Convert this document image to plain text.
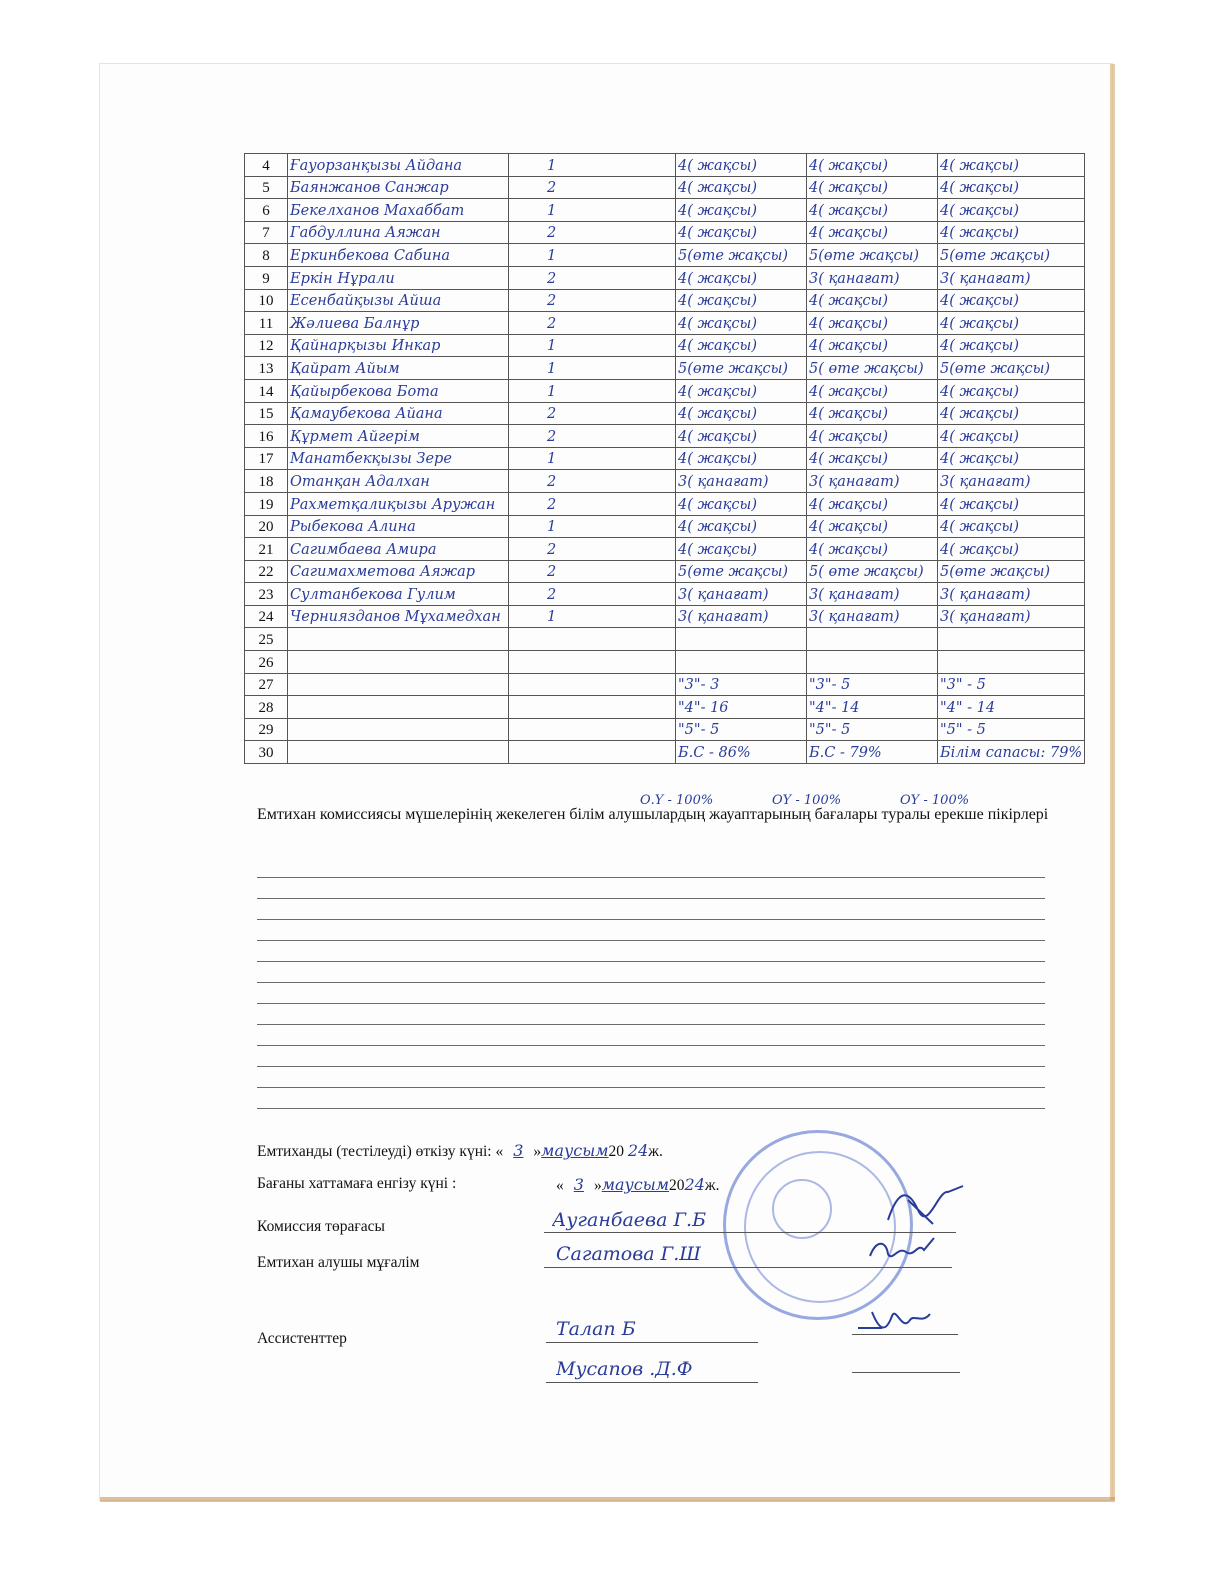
4	Ғауорзанқызы Айдана	1	4( жақсы)	4( жақсы)	4( жақсы)
5	Баянжанов Санжар	2	4( жақсы)	4( жақсы)	4( жақсы)
6	Бекелханов Махаббат	1	4( жақсы)	4( жақсы)	4( жақсы)
7	Габдуллина Аяжан	2	4( жақсы)	4( жақсы)	4( жақсы)
8	Еркинбекова Сабина	1	5(өте жақсы)	5(өте жақсы)	5(өте жақсы)
9	Еркін Нұрали	2	4( жақсы)	3( қанағат)	3( қанағат)
10	Есенбайқызы Айша	2	4( жақсы)	4( жақсы)	4( жақсы)
11	Жәлиева Балнұр	2	4( жақсы)	4( жақсы)	4( жақсы)
12	Қайнарқызы Инкар	1	4( жақсы)	4( жақсы)	4( жақсы)
13	Қайрат Айым	1	5(өте жақсы)	5( өте жақсы)	5(өте жақсы)
14	Қайырбекова Бота	1	4( жақсы)	4( жақсы)	4( жақсы)
15	Қамаубекова Айана	2	4( жақсы)	4( жақсы)	4( жақсы)
16	Құрмет Айгерім	2	4( жақсы)	4( жақсы)	4( жақсы)
17	Манатбекқызы Зере	1	4( жақсы)	4( жақсы)	4( жақсы)
18	Отанқан Адалхан	2	3( қанағат)	3( қанағат)	3( қанағат)
19	Рахметқалиқызы Аружан	2	4( жақсы)	4( жақсы)	4( жақсы)
20	Рыбекова Алина	1	4( жақсы)	4( жақсы)	4( жақсы)
21	Сагимбаева Амира	2	4( жақсы)	4( жақсы)	4( жақсы)
22	Сагимахметова Аяжар	2	5(өте жақсы)	5( өте жақсы)	5(өте жақсы)
23	Султанбекова Гулим	2	3( қанағат)	3( қанағат)	3( қанағат)
24	Черниязданов Мұхамедхан	1	3( қанағат)	3( қанағат)	3( қанағат)
25					
26					
27			"3"- 3	"3"- 5	"3" - 5
28			"4"- 16	"4"- 14	"4" - 14
29			"5"- 5	"5"- 5	"5" - 5
30			Б.С - 86%	Б.С - 79%	Білім сапасы: 79%
О.Ү - 100%	ОҮ - 100%	ОҮ - 100%
Емтихан комиссиясы мүшелерінің жекелеген білім алушылардың жауаптарының бағалары туралы ерекше пікірлері
Емтиханды (тестілеуді) өткізу күні: « 3 »маусым20 24ж.
Бағаны хаттамаға енгізу күні :	« 3 »маусым2024ж.
Комиссия төрағасы	Ауганбаева Г.Б
Емтихан алушы мұғалім	Сагатова Г.Ш
Ассистенттер	Талап Б
Мусапов .Д.Ф
